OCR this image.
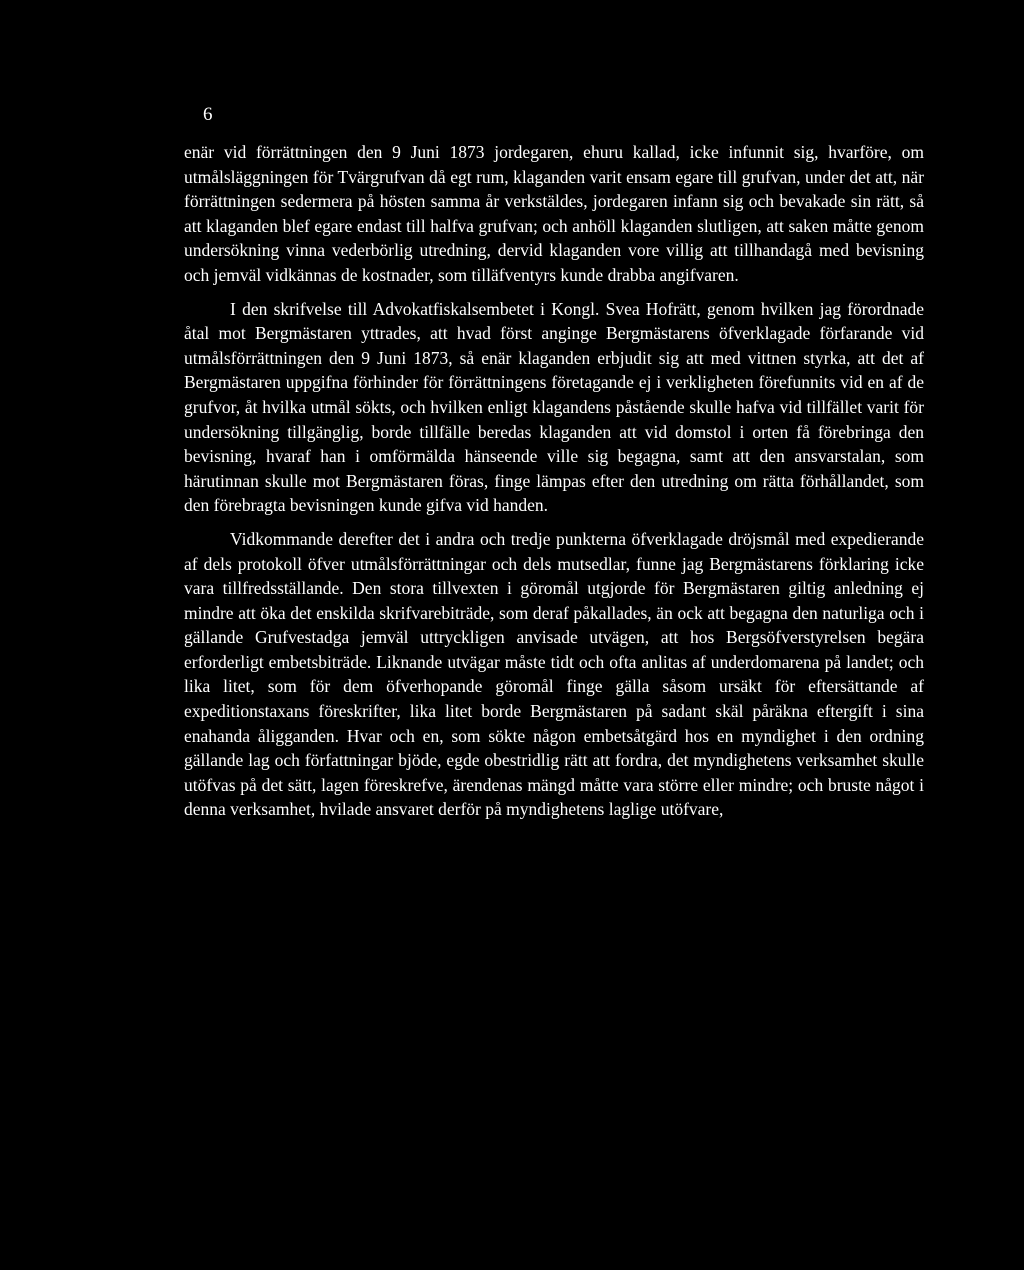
6

enär vid förrättningen den 9 Juni 1873 jordegaren, ehuru kallad, icke infunnit sig, hvarföre, om utmålsläggningen för Tvärgrufvan då egt rum, klaganden varit ensam egare till grufvan, under det att, när förrättningen sedermera på hösten samma år verkstäldes, jordegaren infann sig och bevakade sin rätt, så att klaganden blef egare endast till halfva grufvan; och anhöll klaganden slutligen, att saken måtte genom undersökning vinna vederbörlig utredning, dervid klaganden vore villig att tillhandagå med bevisning och jemväl vidkännas de kostnader, som tilläfventyrs kunde drabba angifvaren.

I den skrifvelse till Advokatfiskalsembetet i Kongl. Svea Hofrätt, genom hvilken jag förordnade åtal mot Bergmästaren yttrades, att hvad först anginge Bergmästarens öfverklagade förfarande vid utmålsförrättningen den 9 Juni 1873, så enär klaganden erbjudit sig att med vittnen styrka, att det af Bergmästaren uppgifna förhinder för förrättningens företagande ej i verkligheten förefunnits vid en af de grufvor, åt hvilka utmål sökts, och hvilken enligt klagandens påstående skulle hafva vid tillfället varit för undersökning tillgänglig, borde tillfälle beredas klaganden att vid domstol i orten få förebringa den bevisning, hvaraf han i omförmälda hänseende ville sig begagna, samt att den ansvarstalan, som härutinnan skulle mot Bergmästaren föras, finge lämpas efter den utredning om rätta förhållandet, som den förebragta bevisningen kunde gifva vid handen.

Vidkommande derefter det i andra och tredje punkterna öfverklagade dröjsmål med expedierande af dels protokoll öfver utmålsförrättningar och dels mutsedlar, funne jag Bergmästarens förklaring icke vara tillfredsställande. Den stora tillvexten i göromål utgjorde för Bergmästaren giltig anledning ej mindre att öka det enskilda skrifvarebiträde, som deraf påkallades, än ock att begagna den naturliga och i gällande Grufvestadga jemväl uttryckligen anvisade utvägen, att hos Bergsöfverstyrelsen begära erforderligt embetsbiträde. Liknande utvägar måste tidt och ofta anlitas af underdomarena på landet; och lika litet, som för dem öfverhopande göromål finge gälla såsom ursäkt för eftersättande af expeditionstaxans föreskrifter, lika litet borde Bergmästaren på sadant skäl påräkna eftergift i sina enahanda åligganden. Hvar och en, som sökte någon embetsåtgärd hos en myndighet i den ordning gällande lag och författningar bjöde, egde obestridlig rätt att fordra, det myndighetens verksamhet skulle utöfvas på det sätt, lagen föreskrefve, ärendenas mängd måtte vara större eller mindre; och bruste något i denna verksamhet, hvilade ansvaret derför på myndighetens laglige utöfvare,
